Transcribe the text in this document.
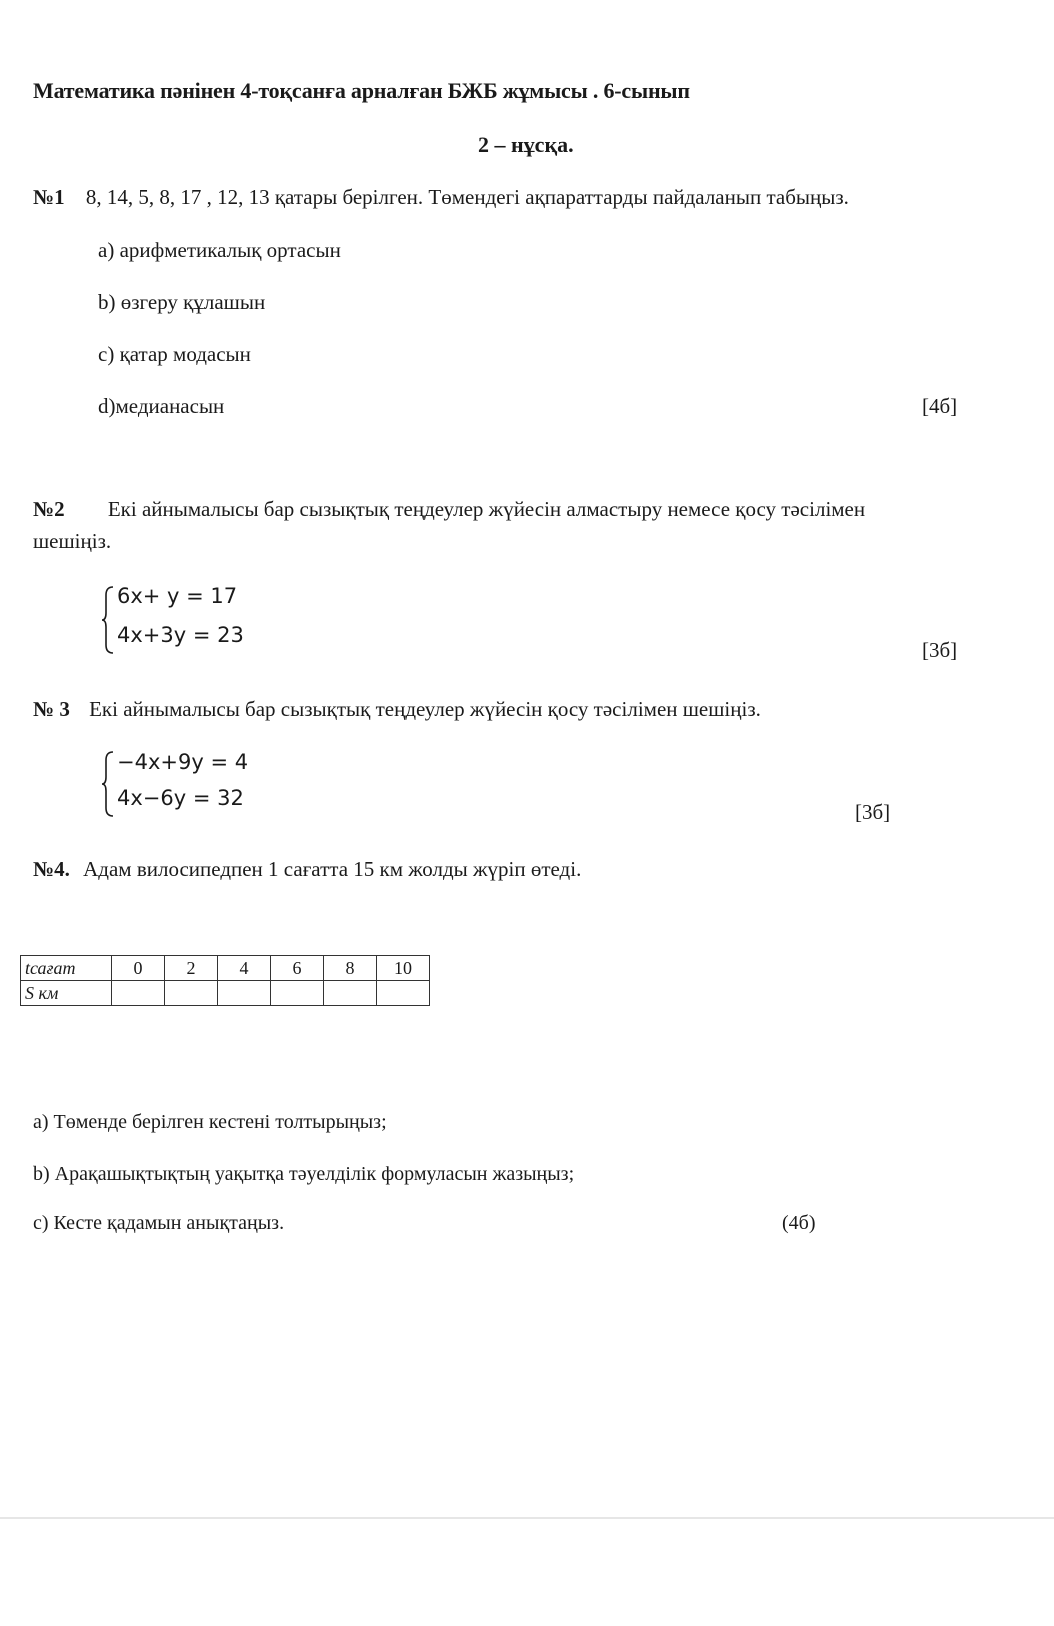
Математика пәнінен 4-тоқсанға арналған БЖБ жұмысы . 6-сынып
2 – нұсқа.
№1 8, 14, 5, 8, 17 , 12, 13 қатары берілген. Төмендегі ақпараттарды пайдаланып табыңыз.
а) арифметикалық ортасын
b) өзгеру құлашын
c) қатар модасын
d)медианасын	[4б]
№2 Екі айнымалысы бар сызықтық теңдеулер жүйесін алмастыру немесе қосу тәсілімен
шешіңіз.
6x+ y = 17
4x+3y = 23
[3б]
№ 3 Екі айнымалысы бар сызықтық теңдеулер жүйесін қосу тәсілімен шешіңіз.
−4x+9y = 4
4x−6y = 32
[3б]
№4. Адам вилосипедпен 1 сағатта 15 км жолды жүріп өтеді.
tсағат	0	2	4	6	8	10
S км						
а) Төменде берілген кестені толтырыңыз;
b) Арақашықтықтың уақытқа тәуелділік формуласын жазыңыз;
c) Кесте қадамын анықтаңыз.	(4б)
